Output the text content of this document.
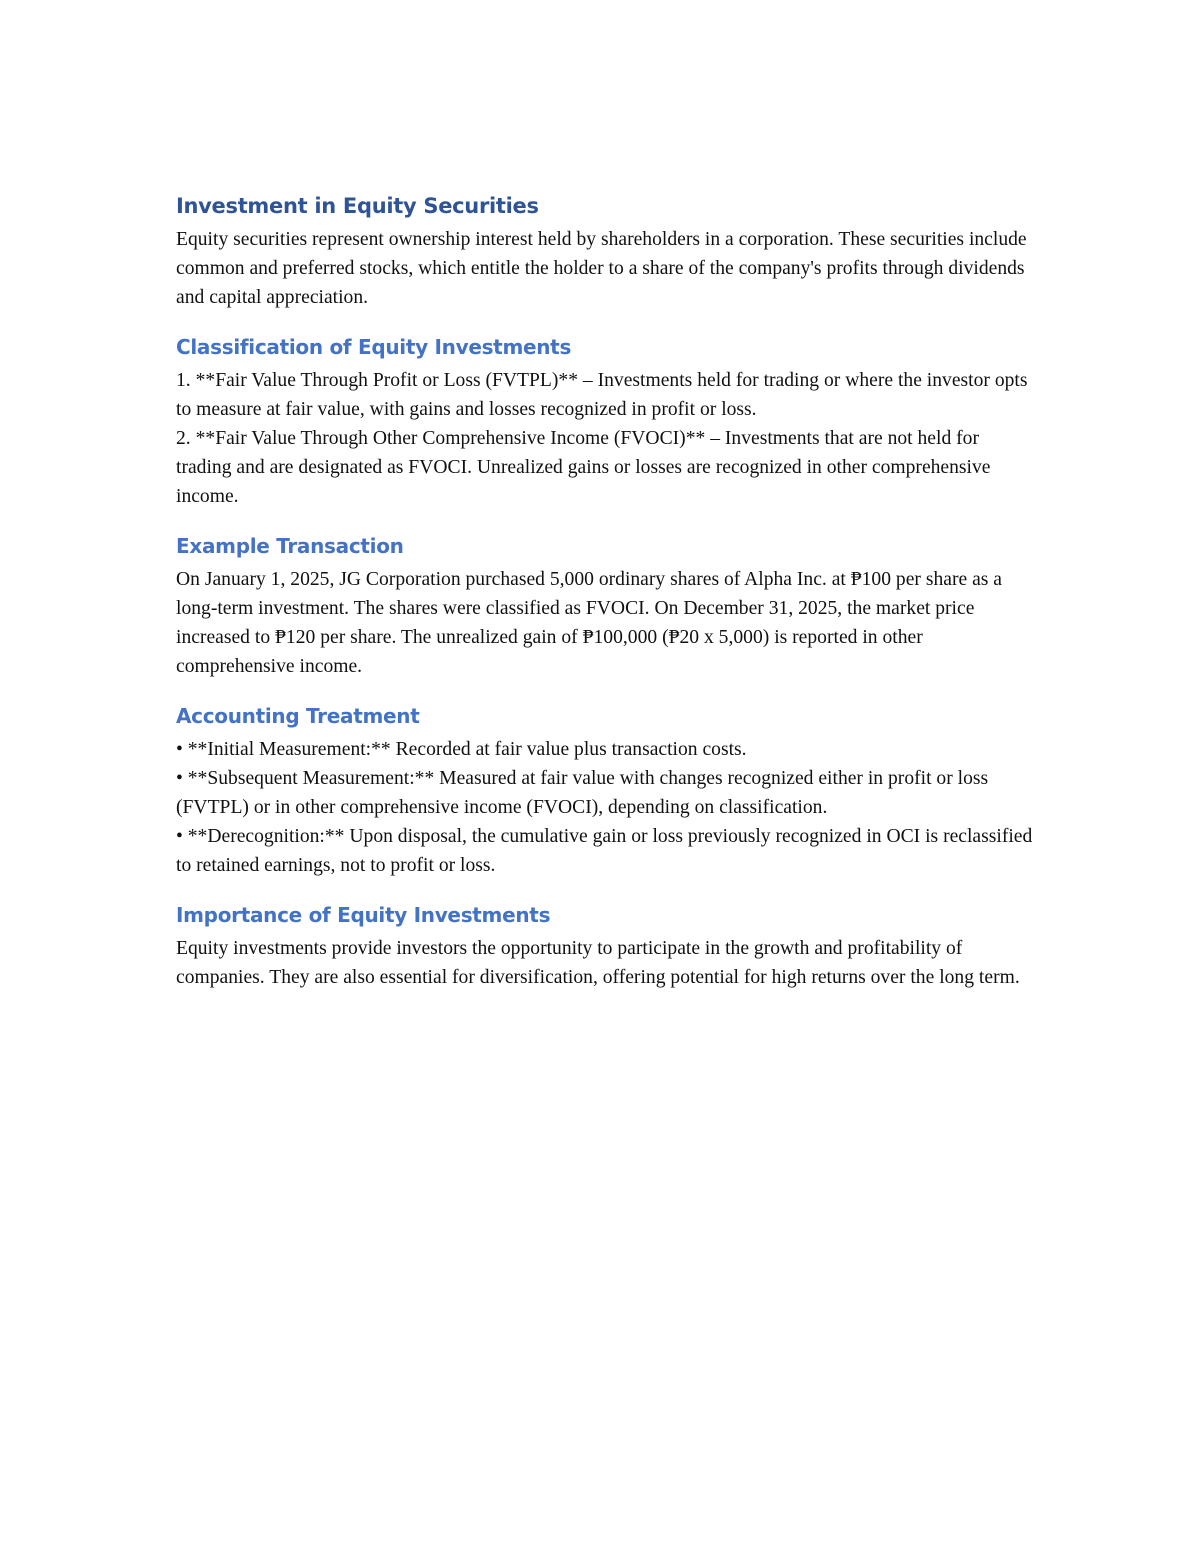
Investment in Equity Securities

Equity securities represent ownership interest held by shareholders in a corporation. These securities include common and preferred stocks, which entitle the holder to a share of the company's profits through dividends and capital appreciation.

Classification of Equity Investments
1. **Fair Value Through Profit or Loss (FVTPL)** – Investments held for trading or where the investor opts to measure at fair value, with gains and losses recognized in profit or loss.
2. **Fair Value Through Other Comprehensive Income (FVOCI)** – Investments that are not held for trading and are designated as FVOCI. Unrealized gains or losses are recognized in other comprehensive income.
Example Transaction

On January 1, 2025, JG Corporation purchased 5,000 ordinary shares of Alpha Inc. at ₱100 per share as a long-term investment. The shares were classified as FVOCI. On December 31, 2025, the market price increased to ₱120 per share. The unrealized gain of ₱100,000 (₱20 x 5,000) is reported in other comprehensive income.

Accounting Treatment
• **Initial Measurement:** Recorded at fair value plus transaction costs.
• **Subsequent Measurement:** Measured at fair value with changes recognized either in profit or loss (FVTPL) or in other comprehensive income (FVOCI), depending on classification.
• **Derecognition:** Upon disposal, the cumulative gain or loss previously recognized in OCI is reclassified to retained earnings, not to profit or loss.
Importance of Equity Investments

Equity investments provide investors the opportunity to participate in the growth and profitability of companies. They are also essential for diversification, offering potential for high returns over the long term.
